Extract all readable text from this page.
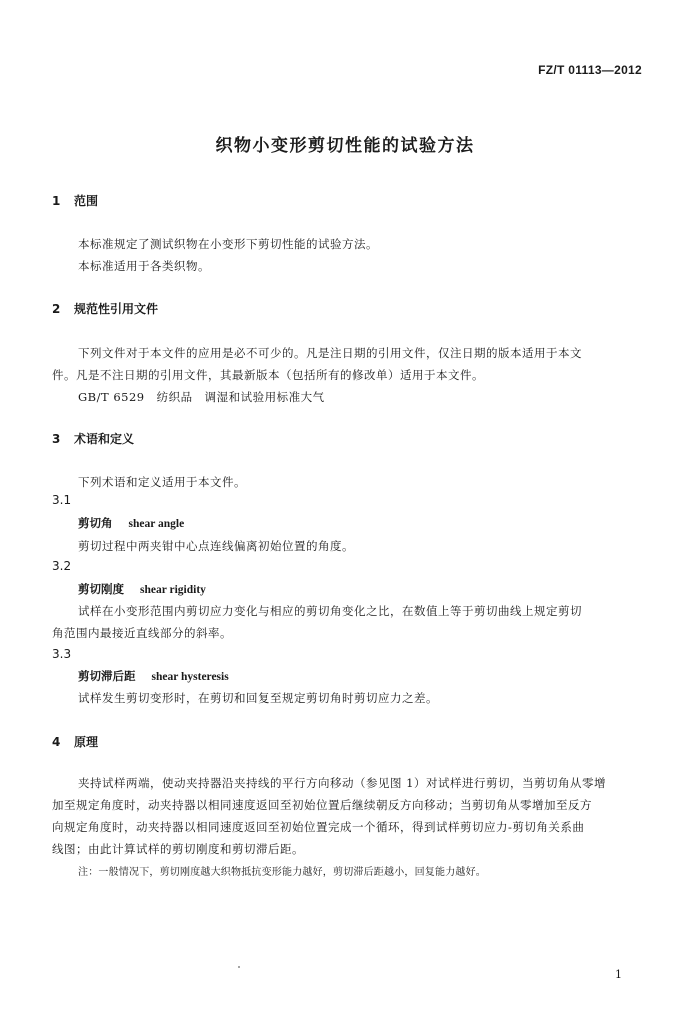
FZ/T 01113—2012
织物小变形剪切性能的试验方法
1 范围
本标准规定了测试织物在小变形下剪切性能的试验方法。
本标准适用于各类织物。
2 规范性引用文件
下列文件对于本文件的应用是必不可少的。凡是注日期的引用文件，仅注日期的版本适用于本文
件。凡是不注日期的引用文件，其最新版本（包括所有的修改单）适用于本文件。
GB/T 6529　纺织品　调湿和试验用标准大气
3 术语和定义
下列术语和定义适用于本文件。
3.1
剪切角 shear angle
剪切过程中两夹钳中心点连线偏离初始位置的角度。
3.2
剪切刚度 shear rigidity
试样在小变形范围内剪切应力变化与相应的剪切角变化之比，在数值上等于剪切曲线上规定剪切
角范围内最接近直线部分的斜率。
3.3
剪切滞后距 shear hysteresis
试样发生剪切变形时，在剪切和回复至规定剪切角时剪切应力之差。
4 原理
夹持试样两端，使动夹持器沿夹持线的平行方向移动（参见图 1）对试样进行剪切，当剪切角从零增
加至规定角度时，动夹持器以相同速度返回至初始位置后继续朝反方向移动；当剪切角从零增加至反方
向规定角度时，动夹持器以相同速度返回至初始位置完成一个循环，得到试样剪切应力-剪切角关系曲
线图；由此计算试样的剪切刚度和剪切滞后距。
注：一般情况下，剪切刚度越大织物抵抗变形能力越好，剪切滞后距越小，回复能力越好。
1
